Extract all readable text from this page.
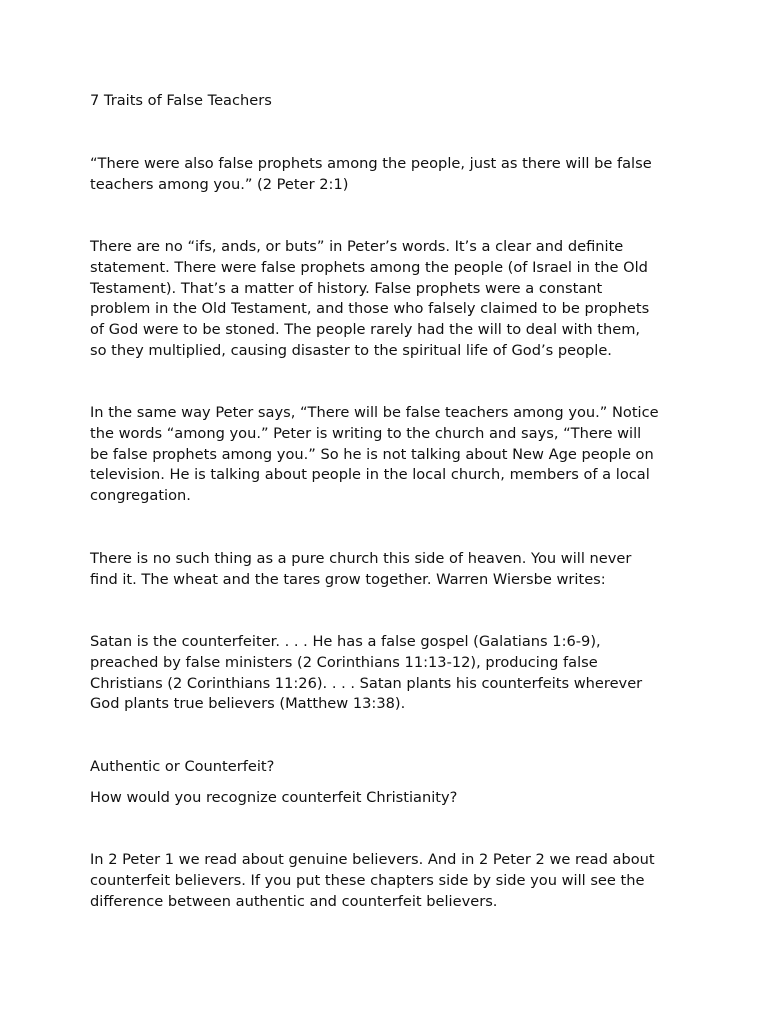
7 Traits of False Teachers

“There were also false prophets among the people, just as there will be false
teachers among you.” (2 Peter 2:1)

There are no “ifs, ands, or buts” in Peter’s words. It’s a clear and definite
statement. There were false prophets among the people (of Israel in the Old
Testament). That’s a matter of history. False prophets were a constant
problem in the Old Testament, and those who falsely claimed to be prophets
of God were to be stoned. The people rarely had the will to deal with them,
so they multiplied, causing disaster to the spiritual life of God’s people.

In the same way Peter says, “There will be false teachers among you.” Notice
the words “among you.” Peter is writing to the church and says, “There will
be false prophets among you.” So he is not talking about New Age people on
television. He is talking about people in the local church, members of a local
congregation.

There is no such thing as a pure church this side of heaven. You will never
find it. The wheat and the tares grow together. Warren Wiersbe writes:

Satan is the counterfeiter. . . . He has a false gospel (Galatians 1:6-9),
preached by false ministers (2 Corinthians 11:13-12), producing false
Christians (2 Corinthians 11:26). . . . Satan plants his counterfeits wherever
God plants true believers (Matthew 13:38).

Authentic or Counterfeit?

How would you recognize counterfeit Christianity?

In 2 Peter 1 we read about genuine believers. And in 2 Peter 2 we read about
counterfeit believers. If you put these chapters side by side you will see the
difference between authentic and counterfeit believers.
